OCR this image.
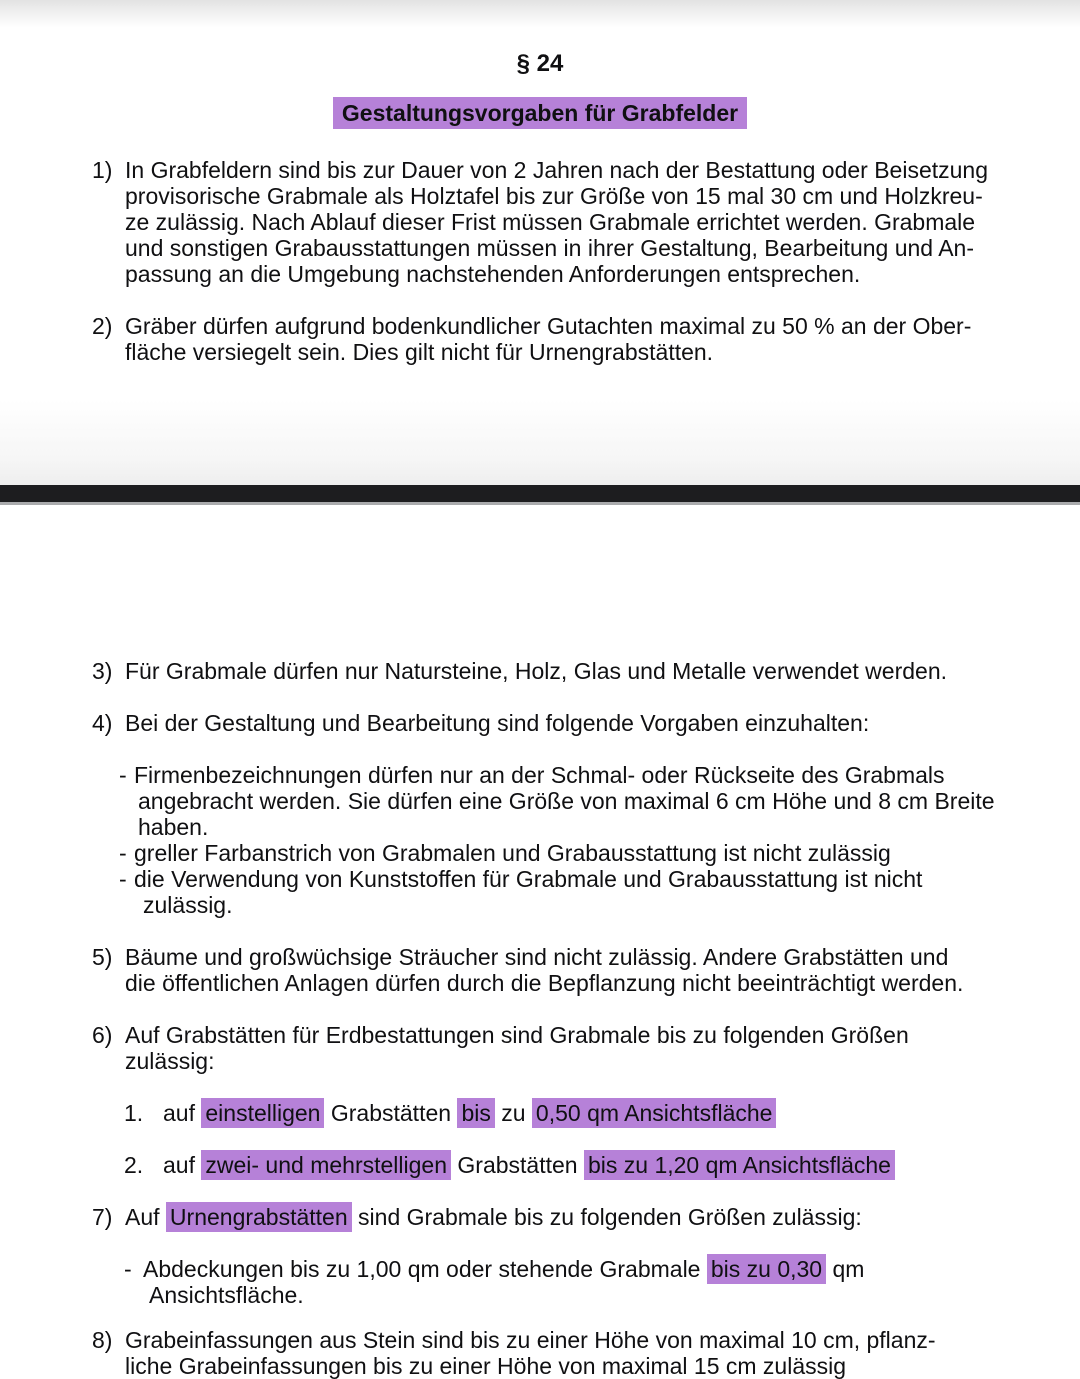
§ 24
Gestaltungsvorgaben für Grabfelder
1) In Grabfeldern sind bis zur Dauer von 2 Jahren nach der Bestattung oder Beisetzung
provisorische Grabmale als Holztafel bis zur Größe von 15 mal 30 cm und Holzkreu-
ze zulässig. Nach Ablauf dieser Frist müssen Grabmale errichtet werden. Grabmale
und sonstigen Grabausstattungen müssen in ihrer Gestaltung, Bearbeitung und An-
passung an die Umgebung nachstehenden Anforderungen entsprechen.
2) Gräber dürfen aufgrund bodenkundlicher Gutachten maximal zu 50 % an der Ober-
fläche versiegelt sein. Dies gilt nicht für Urnengrabstätten.
3) Für Grabmale dürfen nur Natursteine, Holz, Glas und Metalle verwendet werden.
4) Bei der Gestaltung und Bearbeitung sind folgende Vorgaben einzuhalten:
- Firmenbezeichnungen dürfen nur an der Schmal- oder Rückseite des Grabmals
angebracht werden. Sie dürfen eine Größe von maximal 6 cm Höhe und 8 cm Breite
haben.
- greller Farbanstrich von Grabmalen und Grabausstattung ist nicht zulässig
- die Verwendung von Kunststoffen für Grabmale und Grabausstattung ist nicht
zulässig.
5) Bäume und großwüchsige Sträucher sind nicht zulässig. Andere Grabstätten und
die öffentlichen Anlagen dürfen durch die Bepflanzung nicht beeinträchtigt werden.
6) Auf Grabstätten für Erdbestattungen sind Grabmale bis zu folgenden Größen
zulässig:
1. auf einstelligen Grabstätten bis zu 0,50 qm Ansichtsfläche
2. auf zwei- und mehrstelligen Grabstätten bis zu 1,20 qm Ansichtsfläche
7) Auf Urnengrabstätten sind Grabmale bis zu folgenden Größen zulässig:
- Abdeckungen bis zu 1,00 qm oder stehende Grabmale bis zu 0,30 qm
Ansichtsfläche.
8) Grabeinfassungen aus Stein sind bis zu einer Höhe von maximal 10 cm, pflanz-
liche Grabeinfassungen bis zu einer Höhe von maximal 15 cm zulässig
